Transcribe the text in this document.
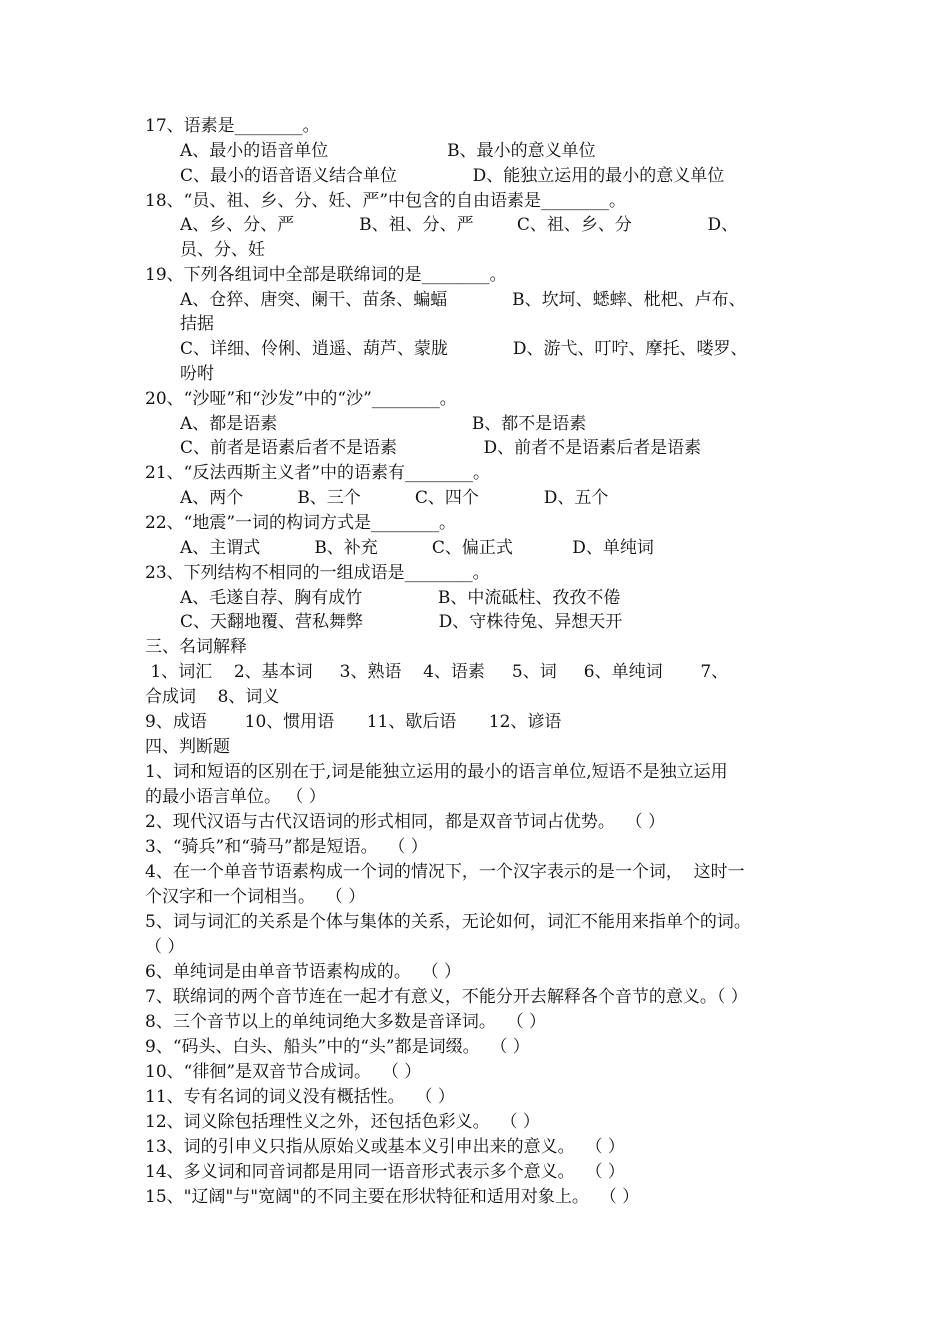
17、语素是________。
A、最小的语音单位                      B、最小的意义单位
C、最小的语音语义结合单位              D、能独立运用的最小的意义单位
18、“员、祖、乡、分、妊、严”中包含的自由语素是________。
A、乡、分、严            B、祖、分、严        C、祖、乡、分              D、
员、分、妊
19、下列各组词中全部是联绵词的是________。
A、仓猝、唐突、阑干、苗条、蝙蝠            B、坎坷、蟋蟀、枇杷、卢布、
拮据
C、详细、伶俐、逍遥、葫芦、蒙胧            D、游弋、叮咛、摩托、喽罗、
吩咐
20、“沙哑”和“沙发”中的“沙”________。
A、都是语素                                    B、都不是语素
C、前者是语素后者不是语素                D、前者不是语素后者是语素
21、“反法西斯主义者”中的语素有________。
A、两个          B、三个          C、四个            D、五个
22、“地震”一词的构词方式是________。
A、主谓式          B、补充          C、偏正式           D、单纯词
23、下列结构不相同的一组成语是________。
A、毛遂自荐、胸有成竹              B、中流砥柱、孜孜不倦
C、天翻地覆、营私舞弊              D、守株待兔、异想天开
三、名词解释
1、词汇    2、基本词     3、熟语    4、语素     5、词     6、单纯词       7、
合成词    8、词义
9、成语       10、惯用语      11、歇后语      12、谚语
四、判断题
1、词和短语的区别在于,词是能独立运用的最小的语言单位,短语不是独立运用
的最小语言单位。 （ ）
2、现代汉语与古代汉语词的形式相同，都是双音节词占优势。  （ ）
3、“骑兵”和“骑马”都是短语。  （ ）
4、在一个单音节语素构成一个词的情况下，一个汉字表示的是一个词，  这时一
个汉字和一个词相当。  （ ）
5、词与词汇的关系是个体与集体的关系，无论如何，词汇不能用来指单个的词。
（ ）
6、单纯词是由单音节语素构成的。  （ ）
7、联绵词的两个音节连在一起才有意义，不能分开去解释各个音节的意义。（ ）
8、三个音节以上的单纯词绝大多数是音译词。  （ ）
9、“码头、白头、船头”中的“头”都是词缀。  （ ）
10、“徘徊”是双音节合成词。  （ ）
11、专有名词的词义没有概括性。  （ ）
12、词义除包括理性义之外，还包括色彩义。  （ ）
13、词的引申义只指从原始义或基本义引申出来的意义。  （ ）
14、多义词和同音词都是用同一语音形式表示多个意义。  （ ）
15、"辽阔"与"宽阔"的不同主要在形状特征和适用对象上。  （ ）
